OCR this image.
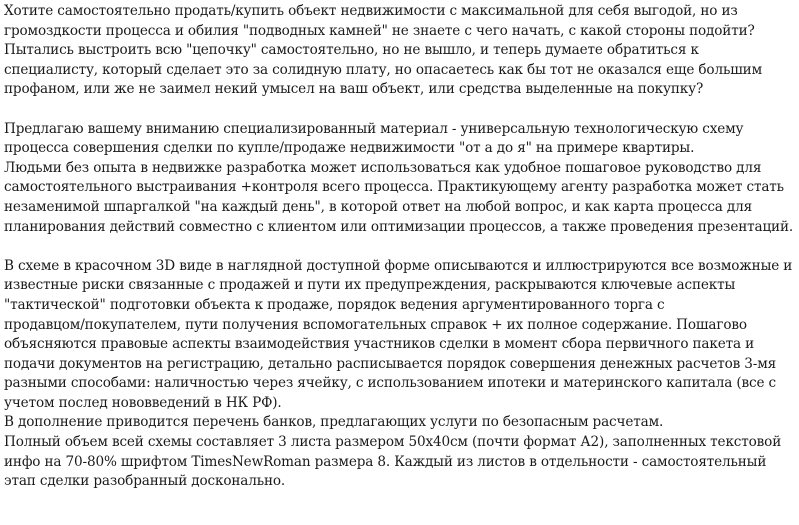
Хотите самостоятельно продать/купить объект недвижимости с максимальной для себя выгодой, но из
громоздкости процесса и обилия "подводных камней" не знаете с чего начать, с какой стороны подойти?
Пытались выстроить всю "цепочку" самостоятельно, но не вышло, и теперь думаете обратиться к
специалисту, который сделает это за солидную плату, но опасаетесь как бы тот не оказался еще большим
профаном, или же не заимел некий умысел на ваш объект, или средства выделенные на покупку?
Предлагаю вашему вниманию специализированный материал - универсальную технологическую схему
процесса совершения сделки по купле/продаже недвижимости "от а до я" на примере квартиры.
Людьми без опыта в недвижке разработка может использоваться как удобное пошаговое руководство для
самостоятельного выстраивания +контроля всего процесса. Практикующему агенту разработка может стать
незаменимой шпаргалкой "на каждый день", в которой ответ на любой вопрос, и как карта процесса для
планирования действий совместно с клиентом или оптимизации процессов, а также проведения презентаций.
В схеме в красочном 3D виде в наглядной доступной форме описываются и иллюстрируются все возможные и
известные риски связанные с продажей и пути их предупреждения, раскрываются ключевые аспекты
"тактической" подготовки объекта к продаже, порядок ведения аргументированного торга с
продавцом/покупателем, пути получения вспомогательных справок + их полное содержание. Пошагово
объясняются правовые аспекты взаимодействия участников сделки в момент сбора первичного пакета и
подачи документов на регистрацию, детально расписывается порядок совершения денежных расчетов 3-мя
разными способами: наличностью через ячейку, с использованием ипотеки и материнского капитала (все с
учетом послед нововведений в НК РФ).
В дополнение приводится перечень банков, предлагающих услуги по безопасным расчетам.
Полный объем всей схемы составляет 3 листа размером 50х40см (почти формат А2), заполненных текстовой
инфо на 70-80% шрифтом TimesNewRoman размера 8. Каждый из листов в отдельности - самостоятельный
этап сделки разобранный досконально.
